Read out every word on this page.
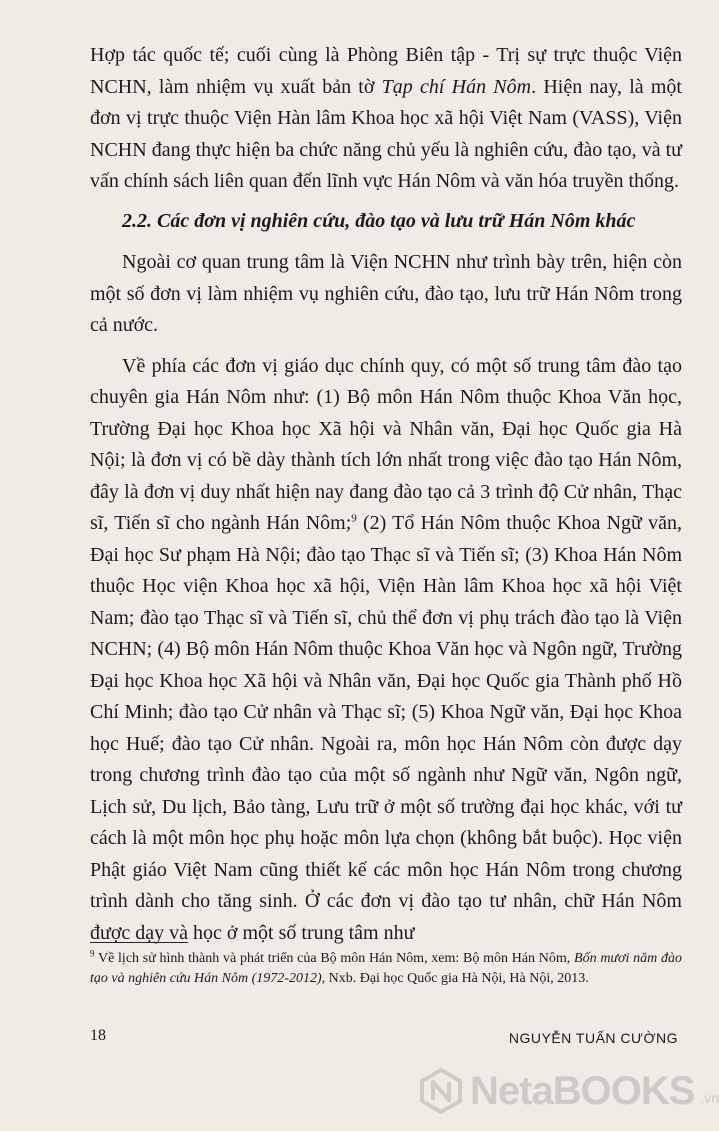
Hợp tác quốc tế; cuối cùng là Phòng Biên tập - Trị sự trực thuộc Viện NCHN, làm nhiệm vụ xuất bản tờ Tạp chí Hán Nôm. Hiện nay, là một đơn vị trực thuộc Viện Hàn lâm Khoa học xã hội Việt Nam (VASS), Viện NCHN đang thực hiện ba chức năng chủ yếu là nghiên cứu, đào tạo, và tư vấn chính sách liên quan đến lĩnh vực Hán Nôm và văn hóa truyền thống.

2.2. Các đơn vị nghiên cứu, đào tạo và lưu trữ Hán Nôm khác

Ngoài cơ quan trung tâm là Viện NCHN như trình bày trên, hiện còn một số đơn vị làm nhiệm vụ nghiên cứu, đào tạo, lưu trữ Hán Nôm trong cả nước.

Về phía các đơn vị giáo dục chính quy, có một số trung tâm đào tạo chuyên gia Hán Nôm như: (1) Bộ môn Hán Nôm thuộc Khoa Văn học, Trường Đại học Khoa học Xã hội và Nhân văn, Đại học Quốc gia Hà Nội; là đơn vị có bề dày thành tích lớn nhất trong việc đào tạo Hán Nôm, đây là đơn vị duy nhất hiện nay đang đào tạo cả 3 trình độ Cử nhân, Thạc sĩ, Tiến sĩ cho ngành Hán Nôm;$^9$ (2) Tổ Hán Nôm thuộc Khoa Ngữ văn, Đại học Sư phạm Hà Nội; đào tạo Thạc sĩ và Tiến sĩ; (3) Khoa Hán Nôm thuộc Học viện Khoa học xã hội, Viện Hàn lâm Khoa học xã hội Việt Nam; đào tạo Thạc sĩ và Tiến sĩ, chủ thể đơn vị phụ trách đào tạo là Viện NCHN; (4) Bộ môn Hán Nôm thuộc Khoa Văn học và Ngôn ngữ, Trường Đại học Khoa học Xã hội và Nhân văn, Đại học Quốc gia Thành phố Hồ Chí Minh; đào tạo Cử nhân và Thạc sĩ; (5) Khoa Ngữ văn, Đại học Khoa học Huế; đào tạo Cử nhân. Ngoài ra, môn học Hán Nôm còn được dạy trong chương trình đào tạo của một số ngành như Ngữ văn, Ngôn ngữ, Lịch sử, Du lịch, Bảo tàng, Lưu trữ ở một số trường đại học khác, với tư cách là một môn học phụ hoặc môn lựa chọn (không bắt buộc). Học viện Phật giáo Việt Nam cũng thiết kế các môn học Hán Nôm trong chương trình dành cho tăng sinh. Ở các đơn vị đào tạo tư nhân, chữ Hán Nôm được dạy và học ở một số trung tâm như

$^9$ Về lịch sử hình thành và phát triển của Bộ môn Hán Nôm, xem: Bộ môn Hán Nôm, Bốn mươi năm đào tạo và nghiên cứu Hán Nôm (1972-2012), Nxb. Đại học Quốc gia Hà Nội, Hà Nội, 2013.
18	NGUYỄN TUẤN CƯỜNG
NetaBOOKS .vn
